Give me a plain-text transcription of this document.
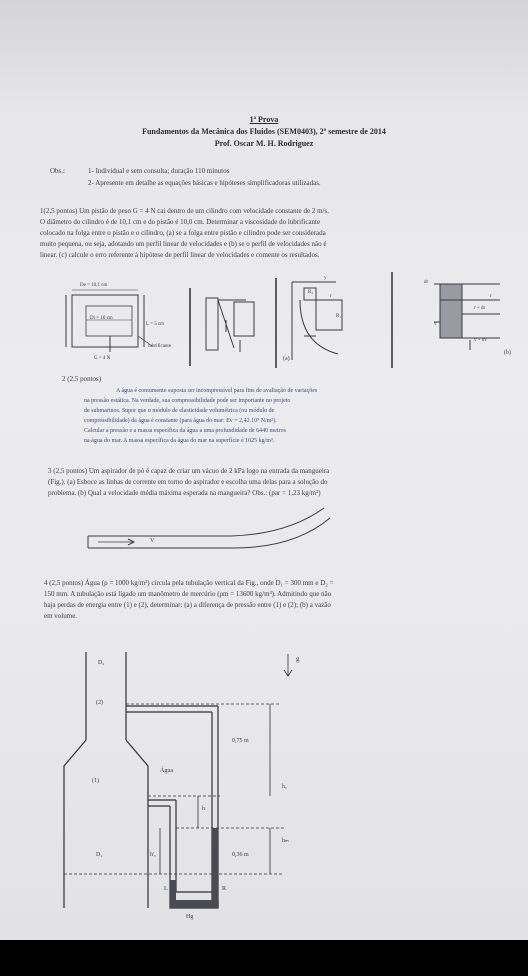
1ª Prova
Fundamentos da Mecânica dos Fluidos (SEM0403), 2º semestre de 2014
Prof. Oscar M. H. Rodriguez
Obs.:	1- Individual e sem consulta; duração 110 minutos
2- Apresente em detalhe as equações básicas e hipóteses simplificadoras utilizadas.
1(2,5 pontos) Um pistão de peso G = 4 N cai dentro de um cilindro com velocidade constante de 2 m/s.
O diâmetro do cilindro é de 10,1 cm e do pistão é 10,0 cm. Determinar a viscosidade do lubrificante
colocado na folga entre o pistão e o cilindro, (a) se a folga entre pistão e cilindro pode ser considerada
muito pequena, ou seja, adotando um perfil linear de velocidades e (b) se o perfil de velocidades não é
linear. (c) calcule o erro referente à hipótese de perfil linear de velocidades e comente os resultados.
De = 10,1 cm
Di = 10 cm
L = 5 cm
lubrificante
G = 4 N
y
R₂
r
R₁
(a)
dr
r
r + dr
v
v + dv
(b)
2 (2,5 pontos)
A água é comumente suposta ser incompressível para fins de avaliação de variações
na pressão estática. Na verdade, sua compressibilidade pode ser importante no projeto
de submarinos. Supor que o módulo de elasticidade volumétrica (ou módulo de
compressibilidade) da água é constante (para água do mar: Ev = 2,42.10⁹ N/m²).
Calcular a pressão e a massa específica da água a uma profundidade de 6440 metros
na água do mar. A massa específica da água do mar na superfície é 1025 kg/m³.
3 (2,5 pontos) Um aspirador de pó é capaz de criar um vácuo de 2 kPa logo na entrada da mangueira
(Fig.). (a) Esboce as linhas de corrente em torno do aspirador e escolha uma delas para a solução do
problema. (b) Qual a velocidade média máxima esperada na mangueira? Obs.: (ρar = 1,23 kg/m³)
V
4 (2,5 pontos) Água (ρ = 1000 kg/m³) circula pela tubulação vertical da Fig., onde D₁ = 300 mm e D₂ =
150 mm. A tubulação está ligado um manômetro de mercúrio (ρm = 13600 kg/m³). Admitindo que não
haja perdas de energia entre (1) e (2), determinar: (a) a diferença de pressão entre (1) e (2); (b) a vazão
em volume.
D₂
(2)
g
0,75 m
Água
(1)
hₐ
h
hₘ
D₁	h'ₐ	0,36 m
L	R
Hg
